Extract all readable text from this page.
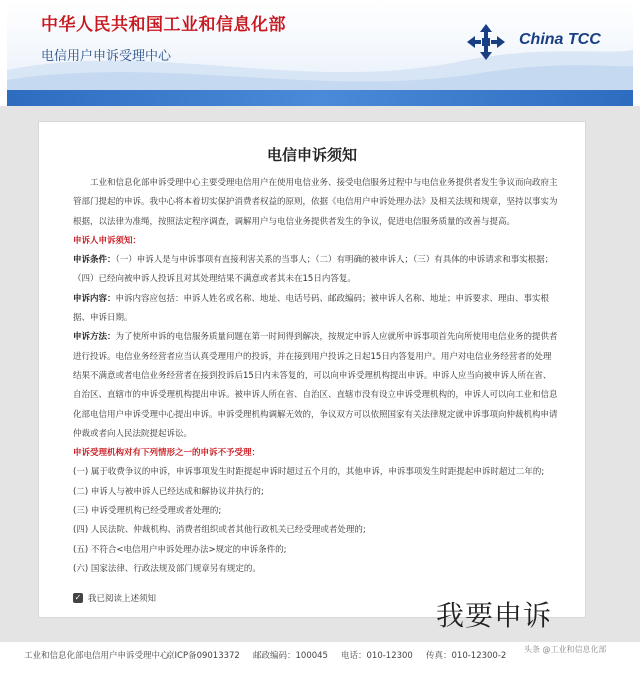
中华人民共和国工业和信息化部
电信用户申诉受理中心
China TCC
电信申诉须知

工业和信息化部申诉受理中心主要受理电信用户在使用电信业务、接受电信服务过程中与电信业务提供者发生争议而向政府主管部门提起的申诉。我中心将本着切实保护消费者权益的原则，依据《电信用户申诉处理办法》及相关法规和规章，坚持以事实为根据，以法律为准绳，按照法定程序调查，调解用户与电信业务提供者发生的争议，促进电信服务质量的改善与提高。

申诉人申诉须知：

申诉条件：（一）申诉人是与申诉事项有直接利害关系的当事人；（二）有明确的被申诉人；（三）有具体的申诉请求和事实根据；（四）已经向被申诉人投诉且对其处理结果不满意或者其未在15日内答复。

申诉内容：申诉内容应包括：申诉人姓名或名称、地址、电话号码、邮政编码；被申诉人名称、地址；申诉要求、理由、事实根据、申诉日期。

申诉方法：为了使所申诉的电信服务质量问题在第一时间得到解决，按规定申诉人应就所申诉事项首先向所使用电信业务的提供者进行投诉。电信业务经营者应当认真受理用户的投诉，并在接到用户投诉之日起15日内答复用户。用户对电信业务经营者的处理结果不满意或者电信业务经营者在接到投诉后15日内未答复的，可以向申诉受理机构提出申诉。申诉人应当向被申诉人所在省、自治区、直辖市的申诉受理机构提出申诉。被申诉人所在省、自治区、直辖市没有设立申诉受理机构的，申诉人可以向工业和信息化部电信用户申诉受理中心提出申诉。申诉受理机构调解无效的，争议双方可以依照国家有关法律规定就申诉事项向仲裁机构申请仲裁或者向人民法院提起诉讼。

申诉受理机构对有下列情形之一的申诉不予受理：

(一) 属于收费争议的申诉，申诉事项发生时距提起申诉时超过五个月的，其他申诉，申诉事项发生时距提起申诉时超过二年的;

(二) 申诉人与被申诉人已经达成和解协议并执行的;

(三) 申诉受理机构已经受理或者处理的;

(四) 人民法院、仲裁机构、消费者组织或者其他行政机关已经受理或者处理的;

(五) 不符合<电信用户申诉处理办法>规定的申诉条件的;

(六) 国家法律、行政法规及部门规章另有规定的。

✓ 我已阅读上述须知	我要申诉
工业和信息化部电信用户申诉受理中心
京ICP备09013372 邮政编码：100045 电话：010-12300 传真：010-12300-2
头条 @工业和信息化部
